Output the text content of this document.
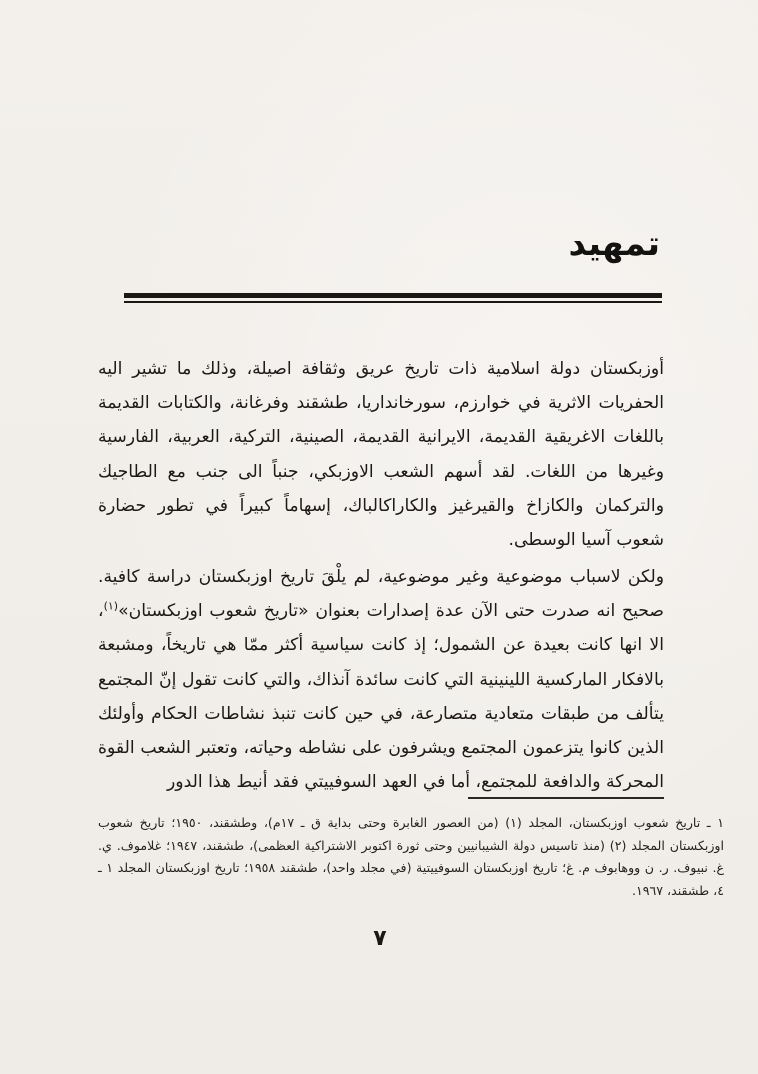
تمهيد

أوزبكستان دولة اسلامية ذات تاريخ عريق وثقافة اصيلة، وذلك ما تشير اليه الحفريات الاثرية في خوارزم، سورخانداريا، طشقند وفرغانة، والكتابات القديمة باللغات الاغريقية القديمة، الايرانية القديمة، الصينية، التركية، العربية، الفارسية وغيرها من اللغات. لقد أسهم الشعب الاوزبكي، جنباً الى جنب مع الطاجيك والتركمان والكازاخ والقيرغيز والكاراكالباك، إسهاماً كبيراً في تطور حضارة شعوب آسيا الوسطى.

ولكن لاسباب موضوعية وغير موضوعية، لم يلْقَ تاريخ اوزبكستان دراسة كافية. صحيح انه صدرت حتى الآن عدة إصدارات بعنوان «تاريخ شعوب اوزبكستان»$^{(١)}$، الا انها كانت بعيدة عن الشمول؛ إذ كانت سياسية أكثر ممّا هي تاريخاً، ومشبعة بالافكار الماركسية اللينينية التي كانت سائدة آنذاك، والتي كانت تقول إنّ المجتمع يتألف من طبقات متعادية متصارعة، في حين كانت تنبذ نشاطات الحكام وأولئك الذين كانوا يتزعمون المجتمع ويشرفون على نشاطه وحياته، وتعتبر الشعب القوة المحركة والدافعة للمجتمع، أما في العهد السوفييتي فقد أنيط هذا الدور

١ ـ تاريخ شعوب اوزبكستان، المجلد (١) (من العصور الغابرة وحتى بداية ق ـ ١٧م)، وطشقند، ١٩٥٠؛ تاريخ شعوب اوزبكستان المجلد (٢) (منذ تاسيس دولة الشيبانيين وحتى ثورة اكتوبر الاشتراكية العظمى)، طشقند، ١٩٤٧؛ غلاموف. ي. غ. نبيوف. ر. ن ووهابوف م. غ؛ تاريخ اوزبكستان السوفييتية (في مجلد واحد)، طشقند ١٩٥٨؛ تاريخ اوزبكستان المجلد ١ ـ ٤، طشقند، ١٩٦٧.

٧
